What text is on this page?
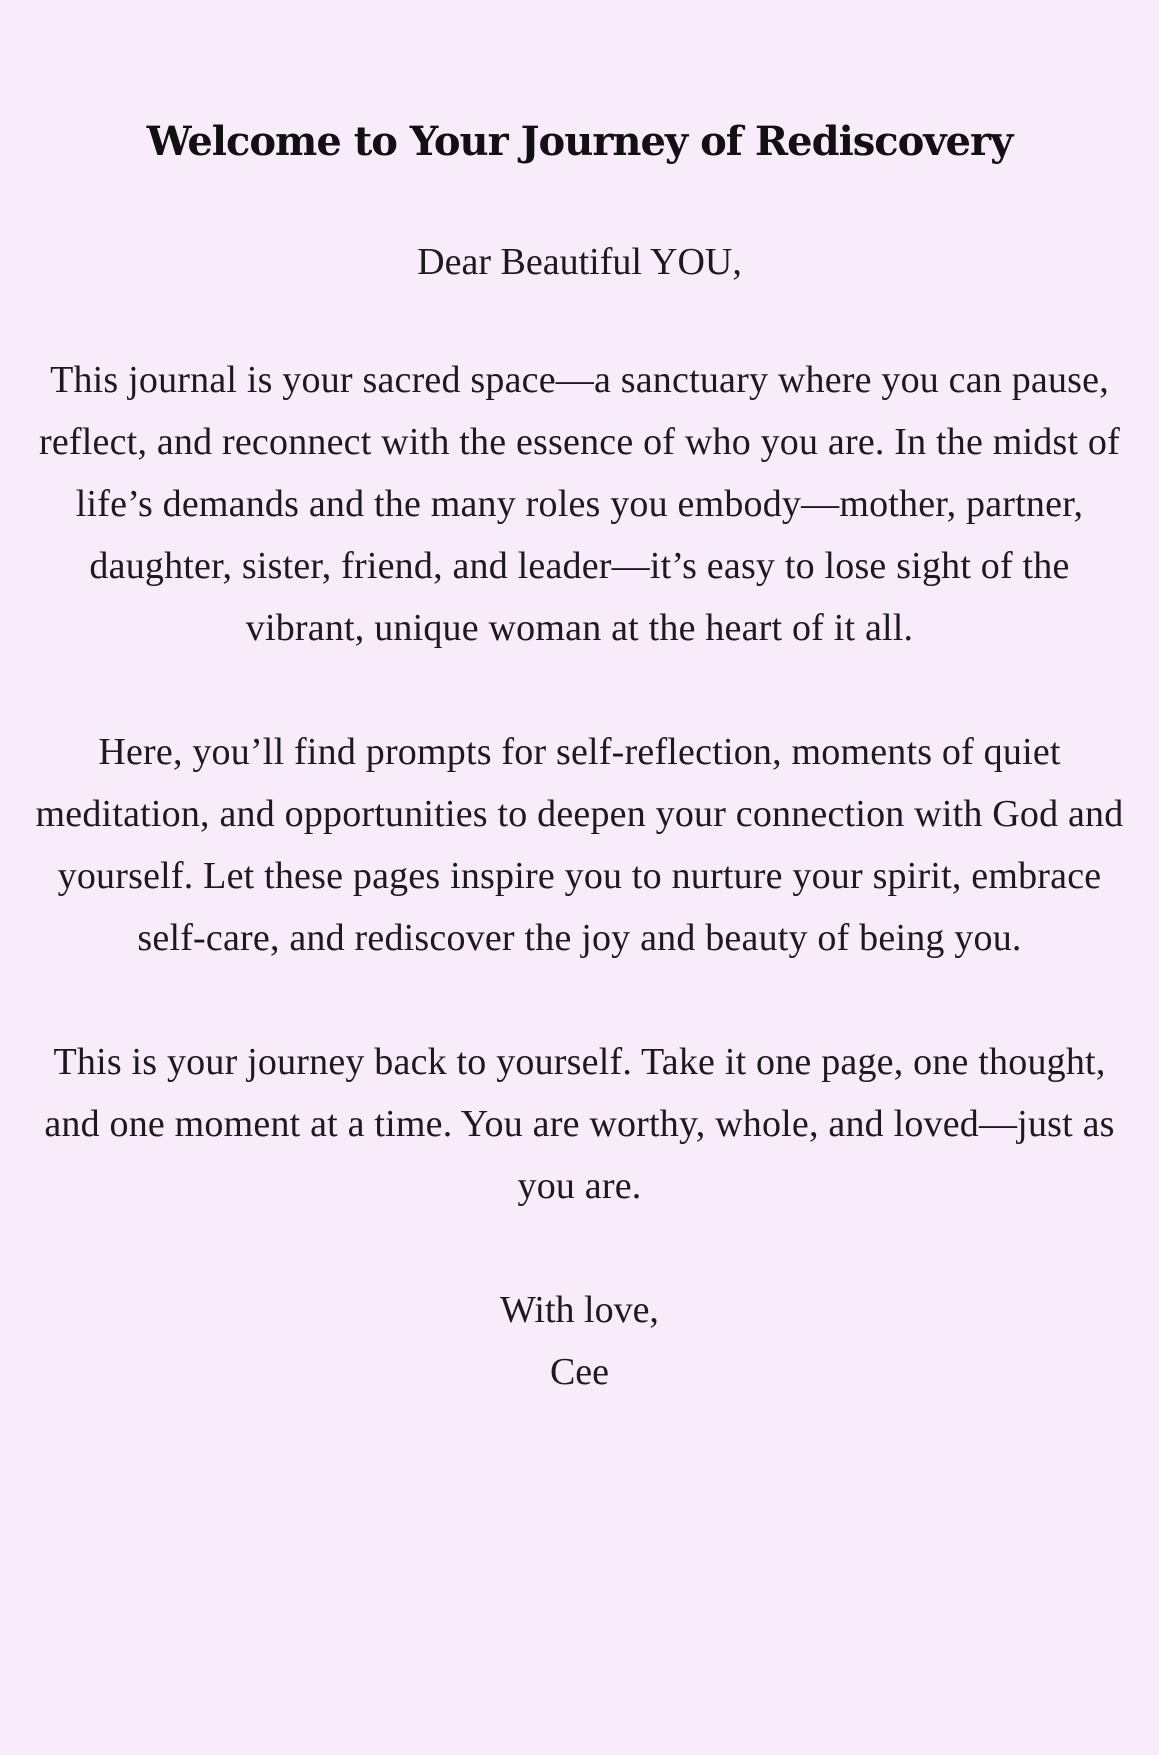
Welcome to Your Journey of Rediscovery

Dear Beautiful YOU,

This journal is your sacred space—a sanctuary where you can pause, reflect, and reconnect with the essence of who you are. In the midst of life’s demands and the many roles you embody—mother, partner, daughter, sister, friend, and leader—it’s easy to lose sight of the vibrant, unique woman at the heart of it all.

Here, you’ll find prompts for self-reflection, moments of quiet meditation, and opportunities to deepen your connection with God and yourself. Let these pages inspire you to nurture your spirit, embrace self-care, and rediscover the joy and beauty of being you.

This is your journey back to yourself. Take it one page, one thought, and one moment at a time. You are worthy, whole, and loved—just as you are.

With love,
Cee
